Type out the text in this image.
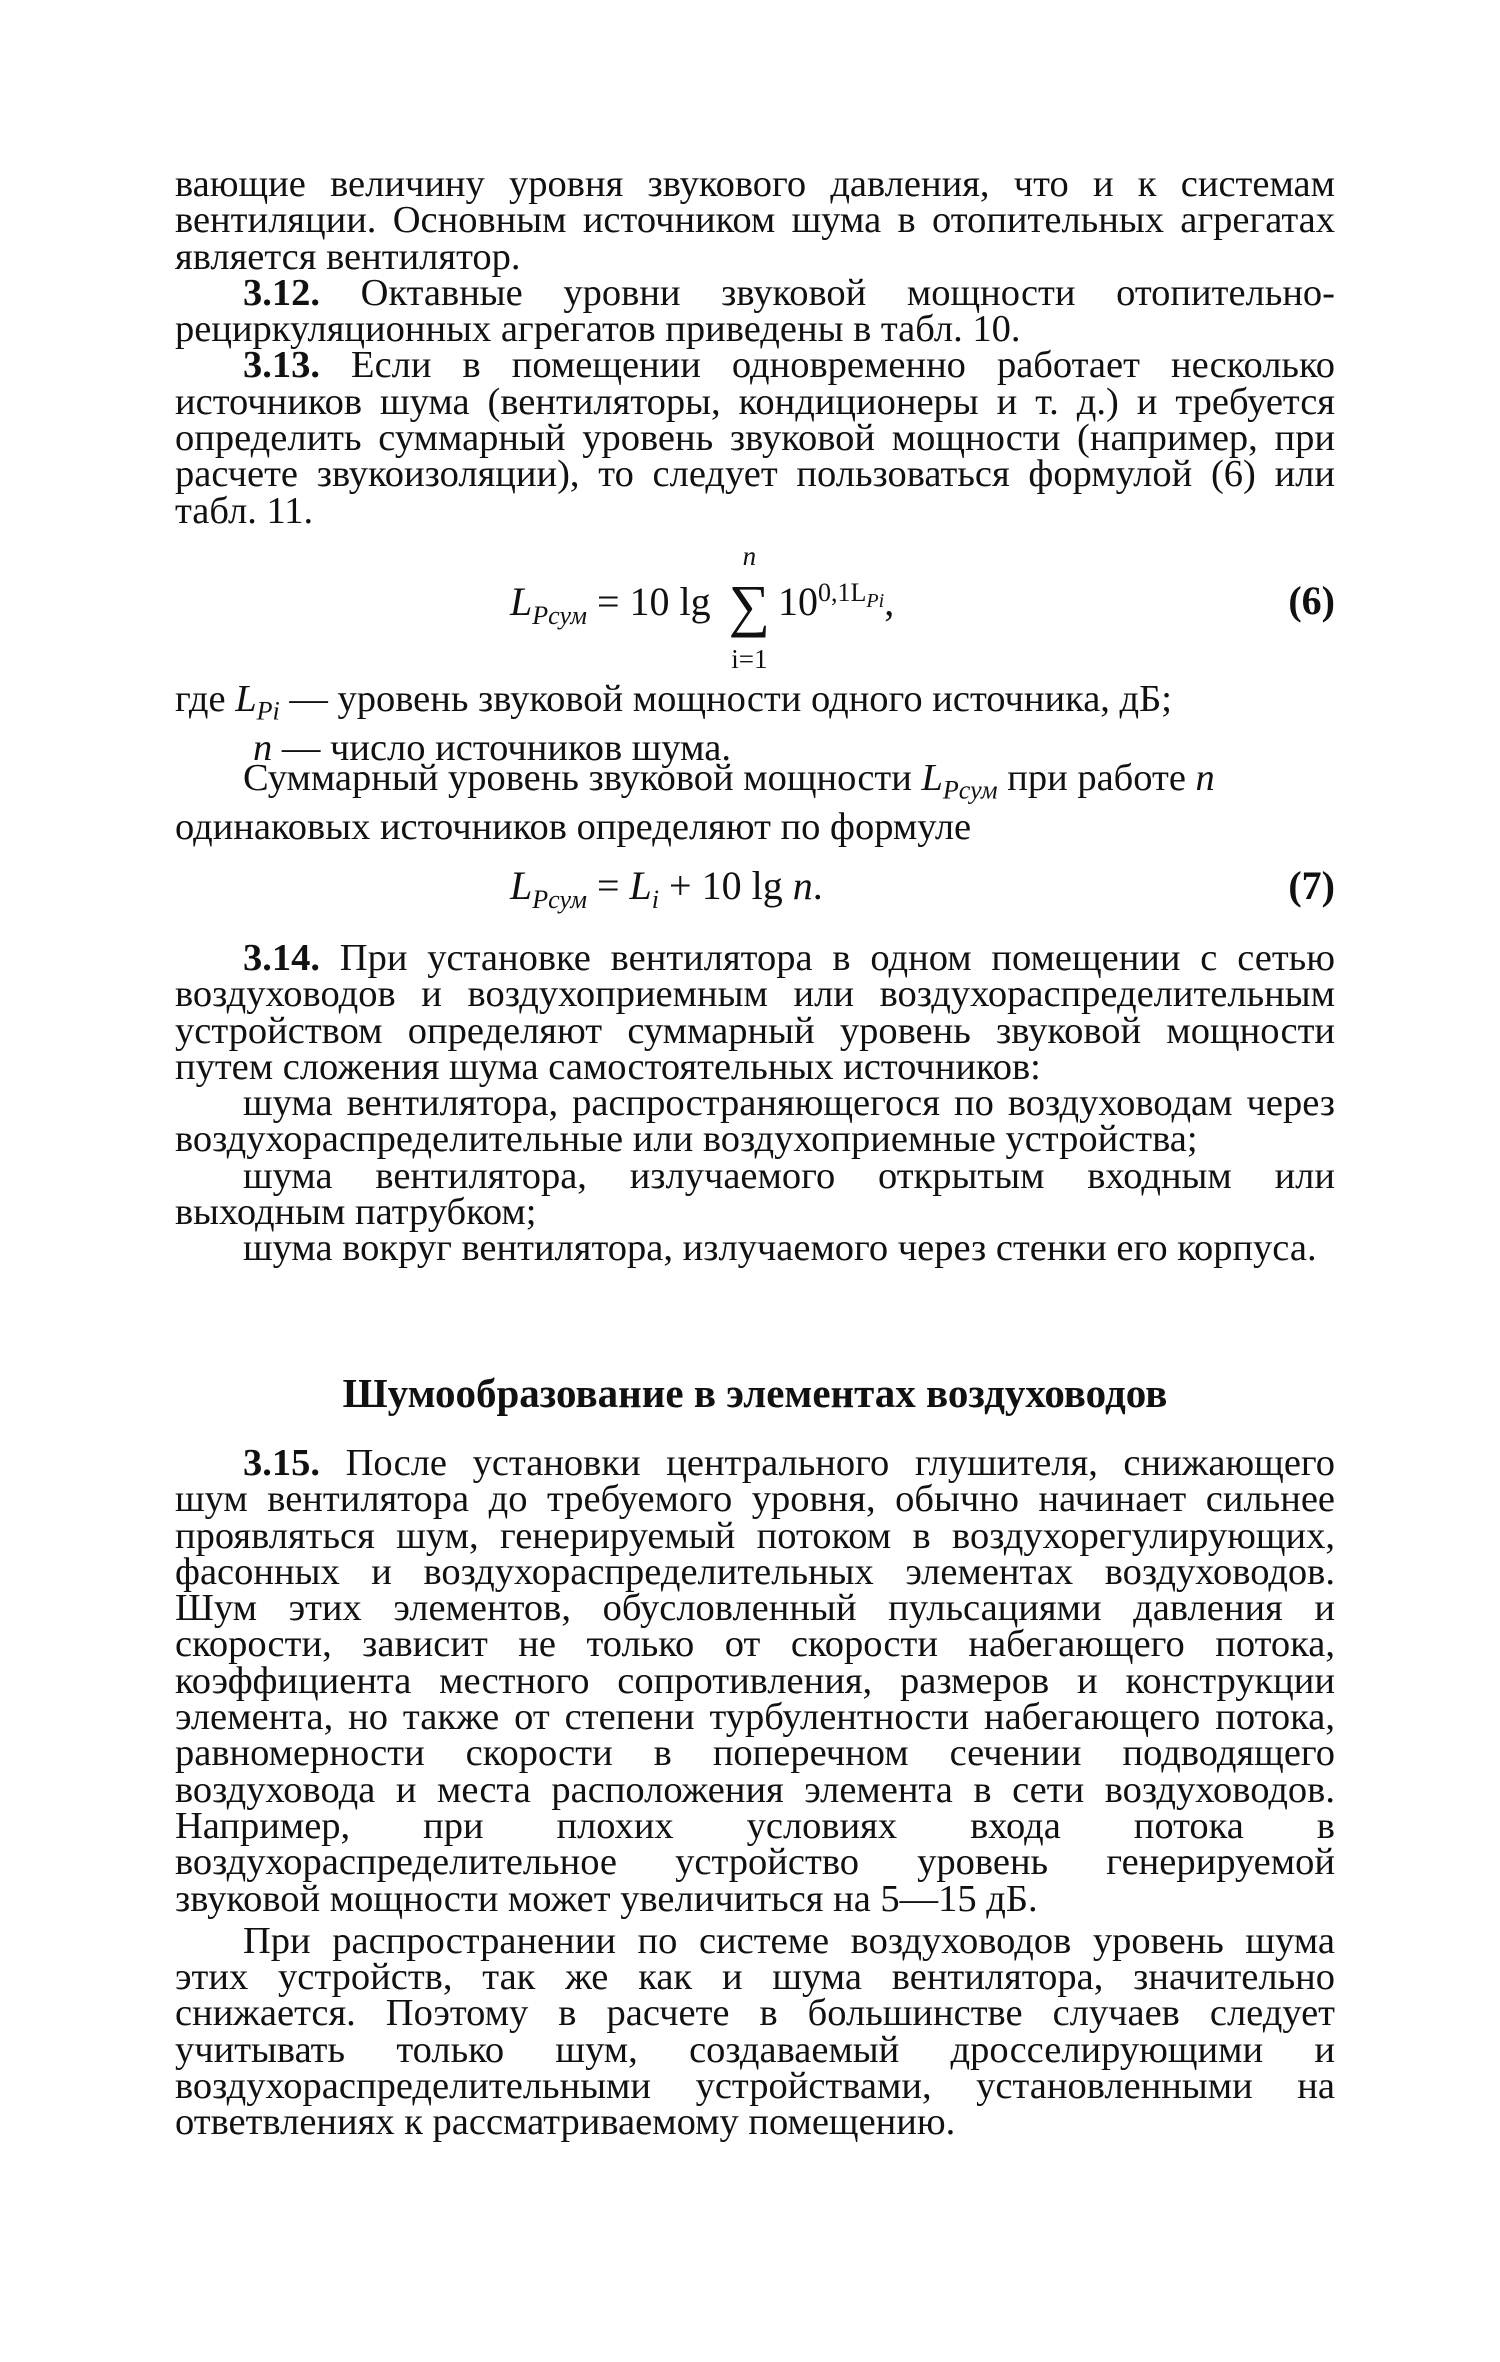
вающие величину уровня звукового давления, что и к системам вентиляции. Основным источником шума в отопительных агрегатах является вентилятор.

3.12. Октавные уровни звуковой мощности отопительно-рециркуляционных агрегатов приведены в табл. 10.

3.13. Если в помещении одновременно работает несколько источников шума (вентиляторы, кондиционеры и т. д.) и требуется определить суммарный уровень звуковой мощности (например, при расчете звукоизоляции), то следует пользоваться формулой (6) или табл. 11.

$L_{Pсум} = 10$ lg ∑
n
i=1
$10^{0,1L_{Pi}}$,	(6)
где $L_{Pi}$ — уровень звуковой мощности одного источника, дБ;
n — число источников шума.

Суммарный уровень звуковой мощности $L_{Pсум}$ при работе n

одинаковых источников определяют по формуле

$L_{Pсум} = L_i + 10$ lg n.	(7)

3.14. При установке вентилятора в одном помещении с сетью воздуховодов и воздухоприемным или воздухораспределительным устройством определяют суммарный уровень звуковой мощности путем сложения шума самостоятельных источников:

шума вентилятора, распространяющегося по воздуховодам через воздухораспределительные или воздухоприемные устройства;

шума вентилятора, излучаемого открытым входным или выходным патрубком;

шума вокруг вентилятора, излучаемого через стенки его корпуса.

Шумообразование в элементах воздуховодов

3.15. После установки центрального глушителя, снижающего шум вентилятора до требуемого уровня, обычно начинает сильнее проявляться шум, генерируемый потоком в воздухорегулирующих, фасонных и воздухораспределительных элементах воздуховодов. Шум этих элементов, обусловленный пульсациями давления и скорости, зависит не только от скорости набегающего потока, коэффициента местного сопротивления, размеров и конструкции элемента, но также от степени турбулентности набегающего потока, равномерности скорости в поперечном сечении подводящего воздуховода и места расположения элемента в сети воздуховодов. Например, при плохих условиях входа потока в воздухораспределительное устройство уровень генерируемой звуковой мощности может увеличиться на 5—15 дБ.

При распространении по системе воздуховодов уровень шума этих устройств, так же как и шума вентилятора, значительно снижается. Поэтому в расчете в большинстве случаев следует учитывать только шум, создаваемый дросселирующими и воздухораспределительными устройствами, установленными на ответвлениях к рассматриваемому помещению.
